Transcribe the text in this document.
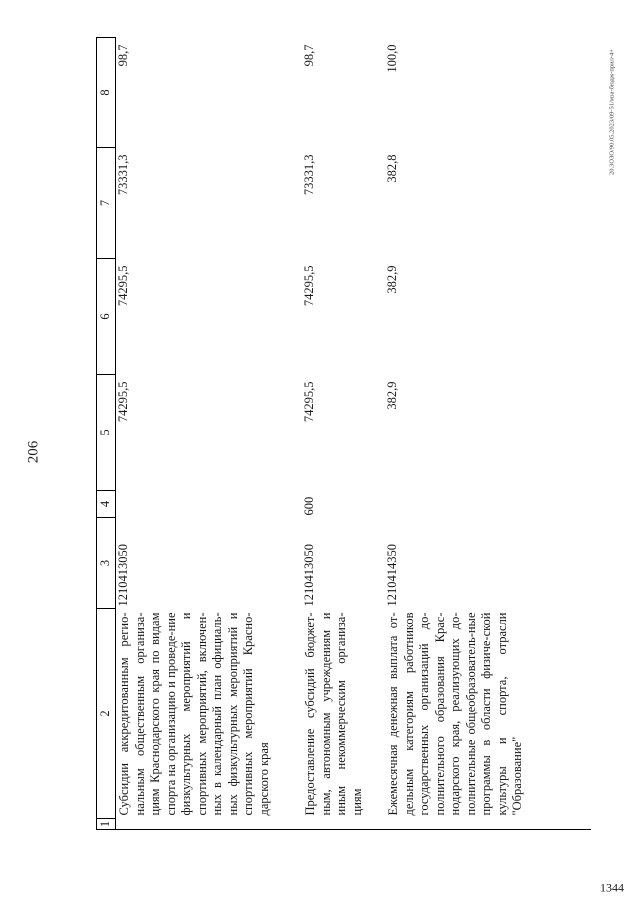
206
20.3ОЗО/90.05.2023/09-51/мза-бюдж-прил-4+
1344
1	2	3	4	5	6	7	8
	Субсидии аккредитованным регио-нальным общественным организа-циям Краснодарского края по видам спорта на организацию и проведе-ние физкультурных мероприятий и спортивных мероприятий, включен-ных в календарный план официаль-ных физкультурных мероприятий и спортивных мероприятий Красно-дарского края	1210413050		74295,5	74295,5	73331,3	98,7
	Предоставление субсидий бюджет-ным, автономным учреждениям и иным некоммерческим организа-циям	1210413050	600	74295,5	74295,5	73331,3	98,7
	Ежемесячная денежная выплата от-дельным категориям работников государственных организаций до-полнительного образования Крас-нодарского края, реализующих до-полнительные общеобразователь-ные программы в области физиче-ской культуры и спорта, отрасли "Образование"	1210414350		382,9	382,9	382,8	100,0
